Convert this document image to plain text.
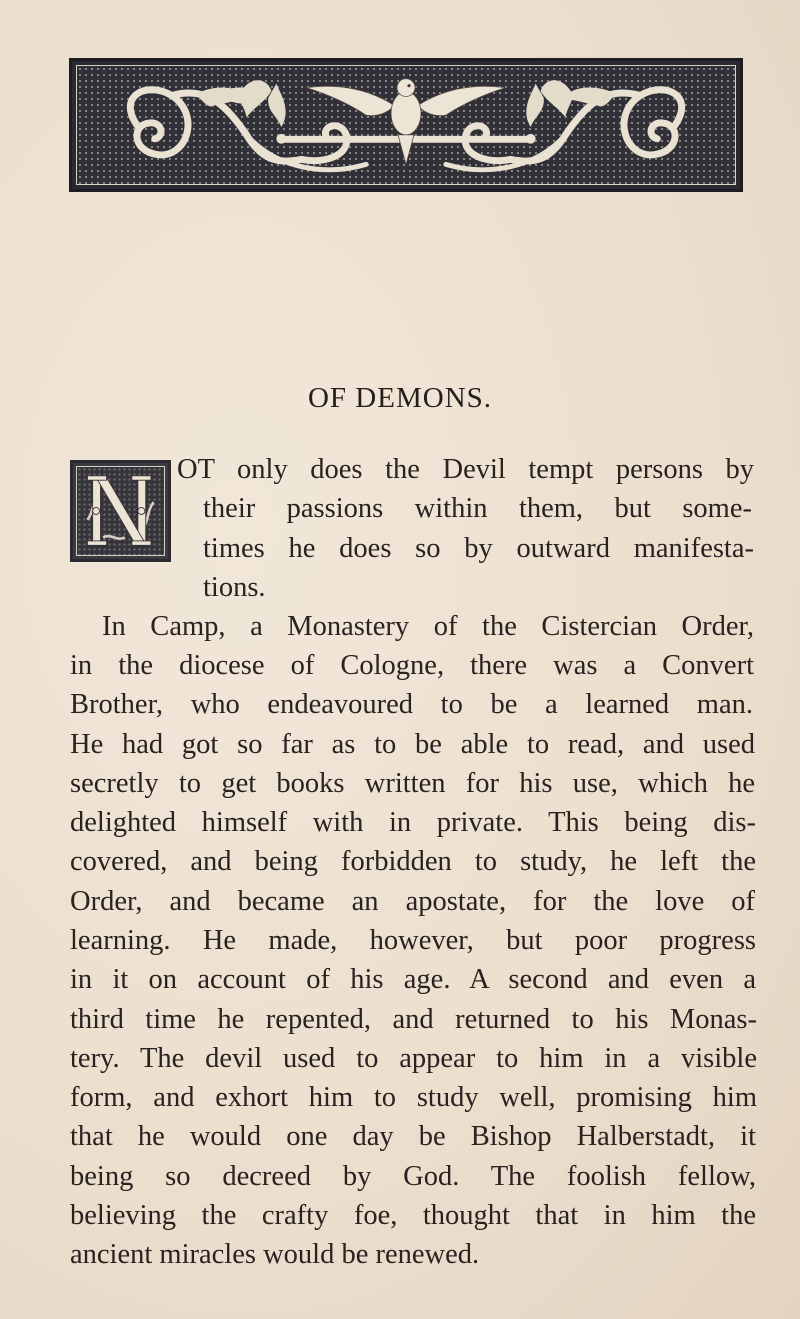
OF DEMONS.
OT only does the Devil tempt persons by
their passions within them, but some-
times he does so by outward manifesta-
tions.
In Camp, a Monastery of the Cistercian Order,
in the diocese of Cologne, there was a Convert
Brother, who endeavoured to be a learned man.
He had got so far as to be able to read, and used
secretly to get books written for his use, which he
delighted himself with in private. This being dis-
covered, and being forbidden to study, he left the
Order, and became an apostate, for the love of
learning. He made, however, but poor progress
in it on account of his age. A second and even a
third time he repented, and returned to his Monas-
tery. The devil used to appear to him in a visible
form, and exhort him to study well, promising him
that he would one day be Bishop Halberstadt, it
being so decreed by God. The foolish fellow,
believing the crafty foe, thought that in him the
ancient miracles would be renewed.
